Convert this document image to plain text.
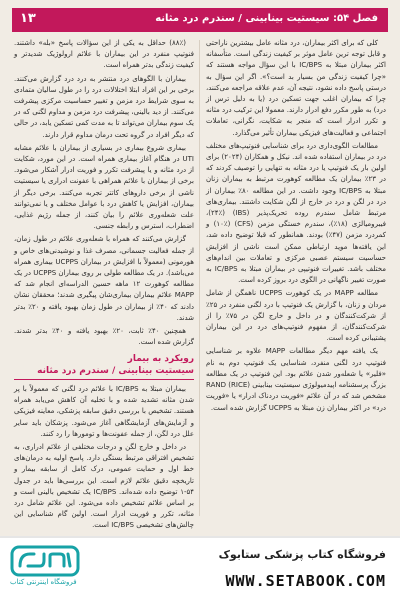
فصل ۵۴: سیستیت بینابینی / سندرم درد مثانه
۱۳

کلی که برای اکثر بیماران، درد مثانه عامل بیشترین ناراحتی و قابل توجه ترین عامل موثر بر کیفیت زندگی است. متأسفانه اکثر بیماران مبتلا به IC/BPS با این سؤال مواجه هستند که «چرا کیفیت زندگی من بسیار بد است؟». اگر این سؤال به درستی پاسخ داده نشود، نتیجه آن، عدم علاقه مراجعه می‌کنند، چرا که بیماران اغلب جهت تسکین درد (یا به دلیل ترس از درد) به طور مکرر دفع ادرار دارند. معمولا این ترکیب درد مثانه و تکرر ادرار است که منجر به شکایت، نگرانی، تعاملات اجتماعی و فعالیت‌های فیزیکی بیماران تأثیر می‌گذارد.

مطالعات الگوی‌داری درد برای شناسایی فنوتیپ‌های مختلف درد در بیماران استفاده شده اند. نیکل و همکاران (۲۰۲۴) برای اولین بار یک فنوتیپ یا درد مثانه به تنهایی را توصیف کردند که در ۲۳٪ بیماران یک مطالعه کوهورت مرتبط به بیماران زنان مبتلا به IC/BPS وجود داشت. در این مطالعه ۸۰٪ بیماران از درد در لگن و درد در خارج از لگن شکایت داشتند. بیماری‌های مرتبط شامل سندرم روده تحریک‌پذیر (IBS) (۲۴٪)، فیبرومیالژی (۱۸٪)، سندرم خستگی مزمن (CFS) (۱۰٪) و کمردرد مزمن (۴۷٪) بودند. همانطور که قبلا توضیح داده شد، این یافته‌ها موید ارتباطی ممکن است ناشی از افزایش حساسیت سیستم عصبی مرکزی و تعاملات بین اندام‌های مختلف باشد. تغییرات فنوتیپی در بیماران مبتلا به IC/BPS به صورت تغییر ناگهانی در الگوی درد بروز کرده است.

مطالعه MAPP در یک کوهورت UCPPS ناهمگن از شامل مردان و زنان، با گزارش یک فنوتیپ با درد لگنی منفرد در ۲۵٪ از شرکت‌کنندگان و در داخل و خارج لگن در ۷۵٪ را از شرکت‌کنندگان، از مفهوم فنوتیپ‌های درد در این بیماران پشتیبانی کرده است.

یک یافته مهم دیگر مطالعات MAPP علاوه بر شناسایی فنوتیپ درد لگنی منفرد، شناسایی یک فنوتیپ دوم به نام «فلیر» یا شعله‌ور شدن علائم بود. این فنوتیپ در یک مطالعه بزرگ پرسشنامه اپیدمیولوژی سیستیت بینابینی RAND (RICE) مشخص شد که در آن علائم «فوریت دردناک ادرار» یا «فوریت درد» در اکثر بیماران زن مبتلا به UCPPS گزارش شده است.

(۸۸٪) حداقل به یکی از این سؤالات پاسخ «بله» داشتند. فنوتیپ منفرد در این بیماران با علائم ارولوژیک شدیدتر و کیفیت زندگی بدتر همراه است.

بیماران با الگوهای درد منتشر به درد درد گزارش می‌کنند. برخی بر این افراد ابتلا اختلالات درد را در طول سالیان متمادی به سوی شرایط درد مزمن و تغییر حساسیت مرکزی پیشرفت می‌کنند. از دید بالینی، پیشرفت درد مزمن و مداوم لگنی که در یک سوم بیماران می‌تواند تا به مدت کمی تسکین یابد، در حالی که دیگر افراد در گروه تحت درمان مداوم قرار دارند.

بیماری شروع بیماری در بسیاری از بیماران با علائم مشابه UTI در هنگام آغاز بیماری همراه است. در این مورد، شکایت از درد مثانه و یا پیشرفت تکرر و فوریت ادرار آشکار می‌شود. برخی از بیماران با علائم همراهی با عفونت ادراری یا سیستیت ناشی از برخی داروهای کاتتر تجربه می‌کنند. برخی دیگر از بیماران، افزایش یا کاهش درد با عوامل مختلف و یا نمی‌توانند علت شعله‌وری علائم را بیان کنند، از جمله رژیم غذایی، اضطراب، استرس و رابطه جنسی.

گزارش می‌کنند که همراه با شعله‌وری علائم در طول زمان، از جمله فعالیت جسمانی، مصرف غذا و نوشیدنی‌های خاص و هورمونی (معمولاً با افزایش در بیماران UCPPS بیماری همراه می‌باشد). در یک مطالعه طولی بر روی بیماران UCPPS در یک مطالعه کوهورت ۱۲ ماهه حسین الدراسه‌ای انجام شد که MAPP علائم بیماران بیماری‌شان پیگیری شدند؛ محققان نشان دادند که ۴۰٪ از بیماران در طول زمان بهبود یافته و ۲۰٪ بدتر شدند.

همچنین ۴۰٪ ثابت، ۲۰٪ بهبود یافته و ۴۰٪ بدتر شدند. گزارش شده است.

رویکرد به بیمار
سیستیت بینابینی / سندرم درد مثانه

بیماران مبتلا به IC/BPS با علائم درد لگنی که معمولاً با پر شدن مثانه تشدید شده و با تخلیه آن کاهش می‌یابد همراه هستند. تشخیص با بررسی دقیق سابقه پزشکی، معاینه فیزیکی و آزمایش‌های آزمایشگاهی آغاز می‌شود. پزشکان باید سایر علل درد لگن، از جمله عفونت‌ها و تومورها را رد کنند.

در داخل و خارج لگن و درجات مختلفی از علائم ادراری، به تشخیص افتراقی مرتبط بستگی دارد. پاسخ اولیه به درمان‌های خط اول و حمایت عمومی، درک کامل از سابقه بیمار و تاریخچه دقیق علائم لازم است. این بررسی‌ها باید در جدول ۵۴-۱ توضیح داده شده‌اند. IC/BPS یک تشخیص بالینی است و بر اساس علائم تشخیص داده می‌شود. این علائم شامل درد مثانه، تکرر و فوریت ادرار است. اولین گام شناسایی این چالش‌های تشخیصی IC/BPS است.

فروشگاه اینترنتی کتاب
فروشگاه کتاب پزشکی ستابوک
WWW.SETABOOK.COM
